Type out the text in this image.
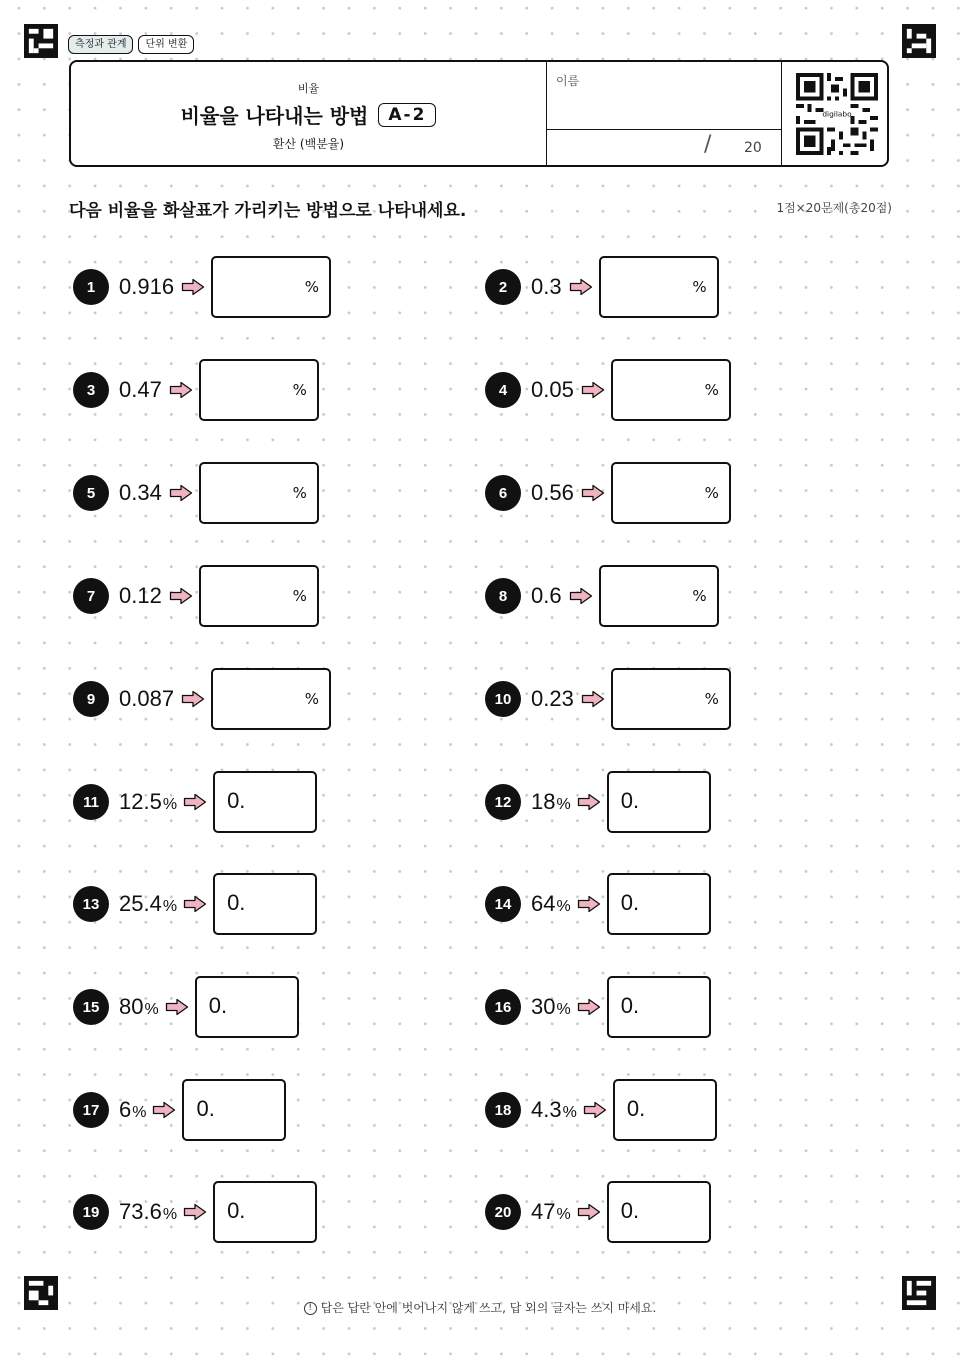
측정과 관계	단위 변환
비율
비율을 나타내는 방법	A-2
환산 (백분율)
이름
/ 20
digilabo
다음 비율을 화살표가 가리키는 방법으로 나타내세요.	1점×20문제(총20점)
1	0.916	%	2	0.3	%
3	0.47	%	4	0.05	%
5	0.34	%	6	0.56	%
7	0.12	%	8	0.6	%
9	0.087	%	10 0.23	%
11 12.5% 0.	12 18% 0.
13 25.4% 0.	14 64% 0.
15 80% 0.	16 30% 0.
17 6% 0.	18 4.3% 0.
19 73.6% 0.	20 47% 0.
! 답은 답란 안에 벗어나지 않게 쓰고, 답 외의 글자는 쓰지 마세요.
